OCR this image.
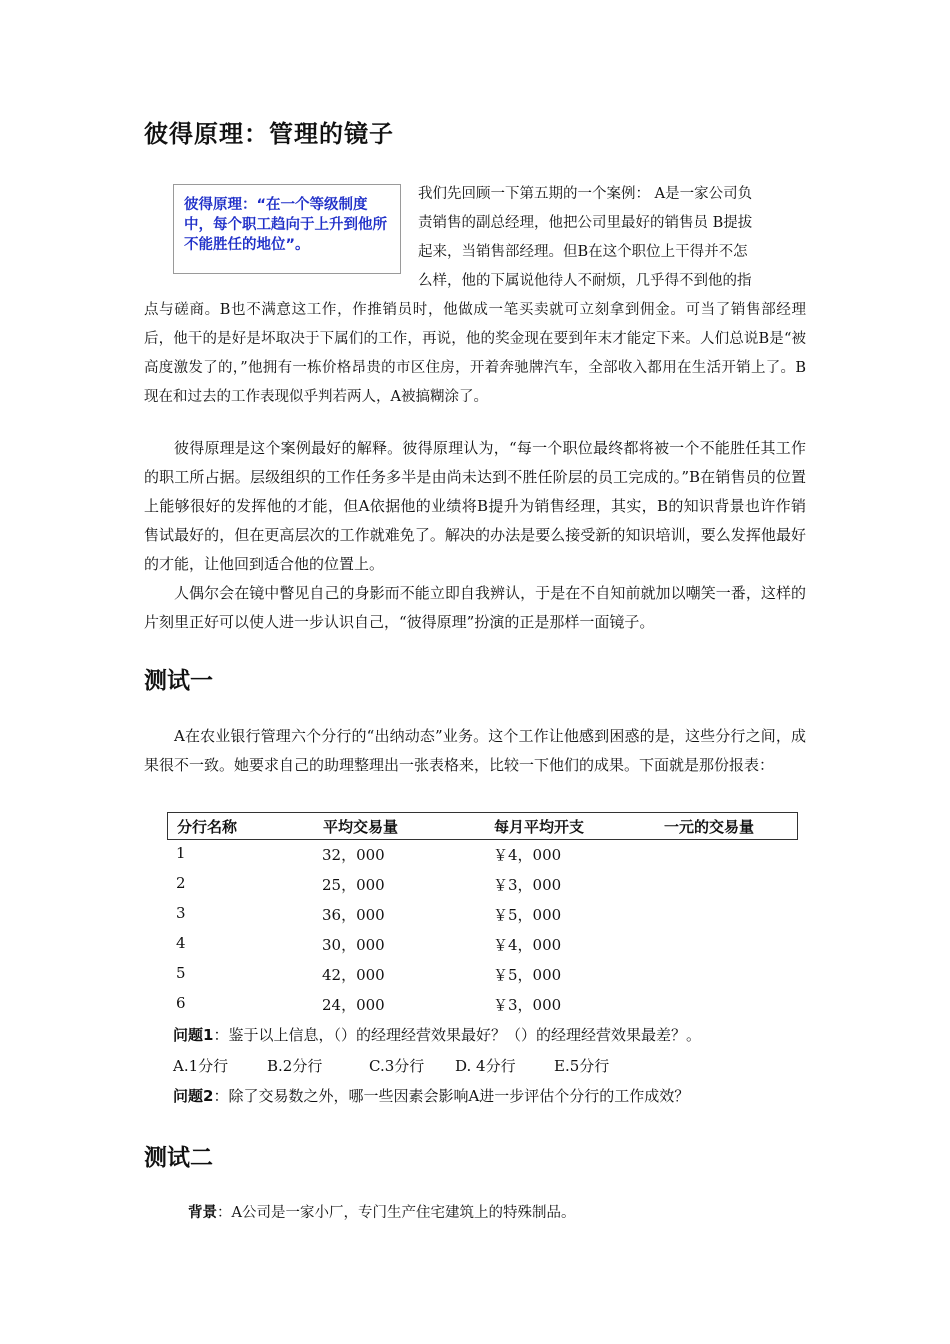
彼得原理：管理的镜子
彼得原理：“在一个等级制度中，每个职工趋向于上升到他所不能胜任的地位”。
我们先回顾一下第五期的一个案例： A是一家公司负
责销售的副总经理，他把公司里最好的销售员 B提拔
起来，当销售部经理。但B在这个职位上干得并不怎
么样，他的下属说他待人不耐烦，几乎得不到他的指
点与磋商。B也不满意这工作，作推销员时，他做成一笔买卖就可立刻拿到佣金。可当了销售部经理后，他干的是好是坏取决于下属们的工作，再说，他的奖金现在要到年末才能定下来。人们总说B是“被高度激发了的，”他拥有一栋价格昂贵的市区住房，开着奔驰牌汽车，全部收入都用在生活开销上了。B现在和过去的工作表现似乎判若两人，A被搞糊涂了。
彼得原理是这个案例最好的解释。彼得原理认为，“每一个职位最终都将被一个不能胜任其工作的职工所占据。层级组织的工作任务多半是由尚未达到不胜任阶层的员工完成的。”B在销售员的位置上能够很好的发挥他的才能，但A依据他的业绩将B提升为销售经理，其实，B的知识背景也许作销售试最好的，但在更高层次的工作就难免了。解决的办法是要么接受新的知识培训，要么发挥他最好的才能，让他回到适合他的位置上。
人偶尔会在镜中瞥见自己的身影而不能立即自我辨认，于是在不自知前就加以嘲笑一番，这样的片刻里正好可以使人进一步认识自己，“彼得原理”扮演的正是那样一面镜子。
测试一
A在农业银行管理六个分行的“出纳动态”业务。这个工作让他感到困惑的是，这些分行之间，成果很不一致。她要求自己的助理整理出一张表格来，比较一下他们的成果。下面就是那份报表：
分行名称	平均交易量	每月平均开支	一元的交易量
1	32，000	￥4，000
2	25，000	￥3，000
3	36，000	￥5，000
4	30，000	￥4，000
5	42，000	￥5，000
6	24，000	￥3，000
问题1：鉴于以上信息，（）的经理经营效果最好？（）的经理经营效果最差？。
A.1分行	B.2分行	C.3分行 D. 4分行	E.5分行
问题2：除了交易数之外，哪一些因素会影响A进一步评估个分行的工作成效？
测试二
背景：A公司是一家小厂，专门生产住宅建筑上的特殊制品。
